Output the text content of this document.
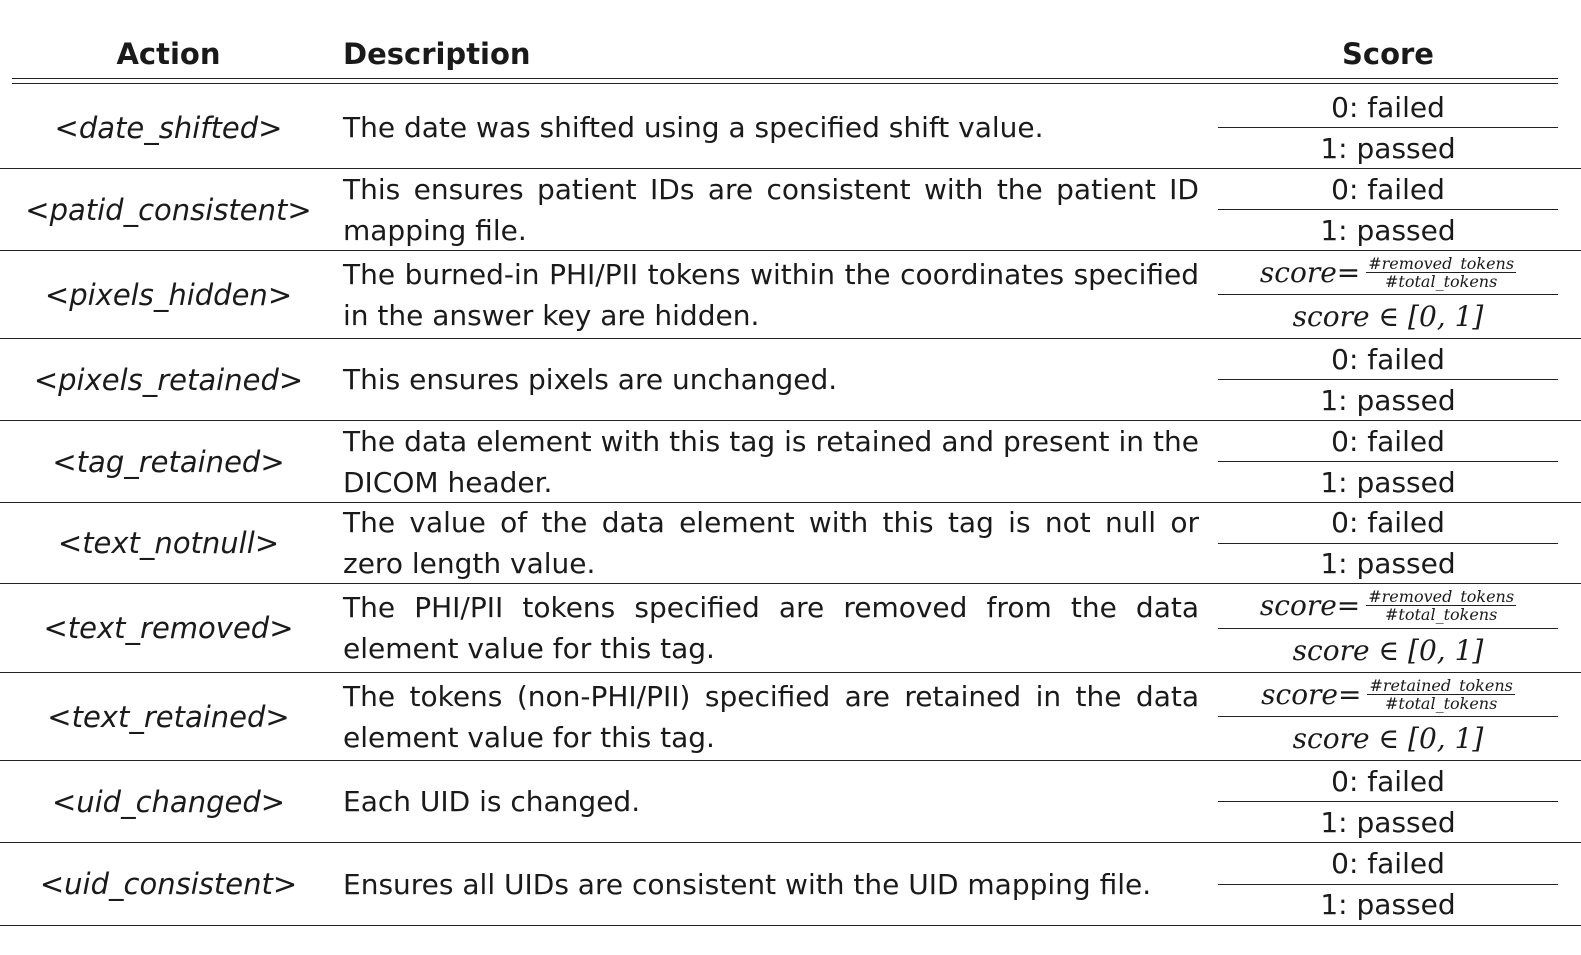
Action	Description	Score
< date_shifted > The date was shifted using a specified shift value.
0: failed
1: passed
< patid_consistent >
This ensures patient IDs are consistent with the patient ID mapping file.
0: failed
1: passed
< pixels_hidden >
The burned-in PHI/PII tokens within the coordinates specified in the answer key are hidden.
score = $\frac{\text{\#removed\_tokens}}{\text{\#total\_tokens}}$
score ∈ [0, 1]
< pixels_retained > This ensures pixels are unchanged.
0: failed
1: passed
< tag_retained >
The data element with this tag is retained and present in the DICOM header.
0: failed
1: passed
< text_notnull >
The value of the data element with this tag is not null or zero length value.
0: failed
1: passed
< text_removed >
The PHI/PII tokens specified are removed from the data element value for this tag.
score = $\frac{\text{\#removed\_tokens}}{\text{\#total\_tokens}}$
score ∈ [0, 1]
< text_retained >
The tokens (non-PHI/PII) specified are retained in the data element value for this tag.
score = $\frac{\text{\#retained\_tokens}}{\text{\#total\_tokens}}$
score ∈ [0, 1]
< uid_changed > Each UID is changed.
0: failed
1: passed
< uid_consistent > Ensures all UIDs are consistent with the UID mapping file.
0: failed
1: passed
